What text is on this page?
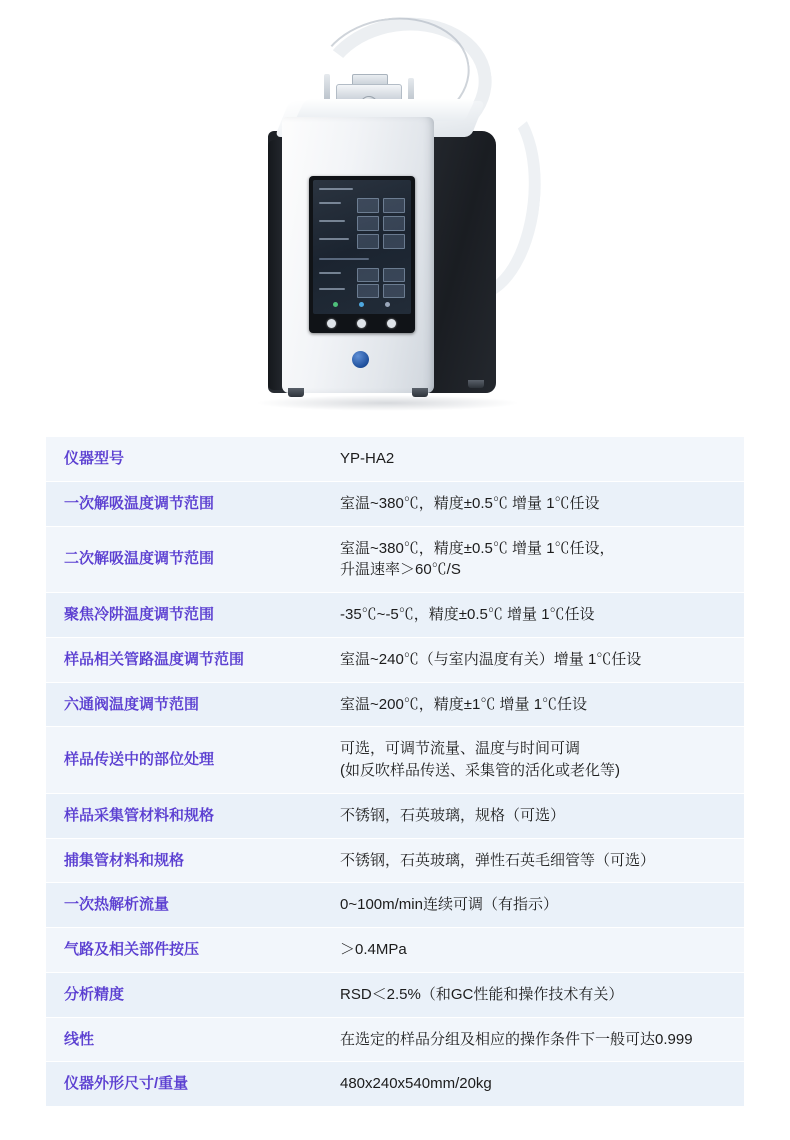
仪器型号	YP-HA2

一次解吸温度调节范围	室温~380℃，精度±0.5℃ 增量 1℃任设

二次解吸温度调节范围	室温~380℃，精度±0.5℃ 增量 1℃任设，
升温速率＞60℃/S

聚焦冷阱温度调节范围	-35℃~-5℃，精度±0.5℃ 增量 1℃任设

样品相关管路温度调节范围	室温~240℃（与室内温度有关）增量 1℃任设

六通阀温度调节范围	室温~200℃，精度±1℃ 增量 1℃任设

样品传送中的部位处理	可选，可调节流量、温度与时间可调
(如反吹样品传送、采集管的活化或老化等)

样品采集管材料和规格	不锈钢，石英玻璃，规格（可选）

捕集管材料和规格	不锈钢，石英玻璃，弹性石英毛细管等（可选）

一次热解析流量	0~100m/min连续可调（有指示）

气路及相关部件按压	＞0.4MPa

分析精度	RSD＜2.5%（和GC性能和操作技术有关）

线性	在选定的样品分组及相应的操作条件下一般可达0.999

仪器外形尺寸/重量	480x240x540mm/20kg
